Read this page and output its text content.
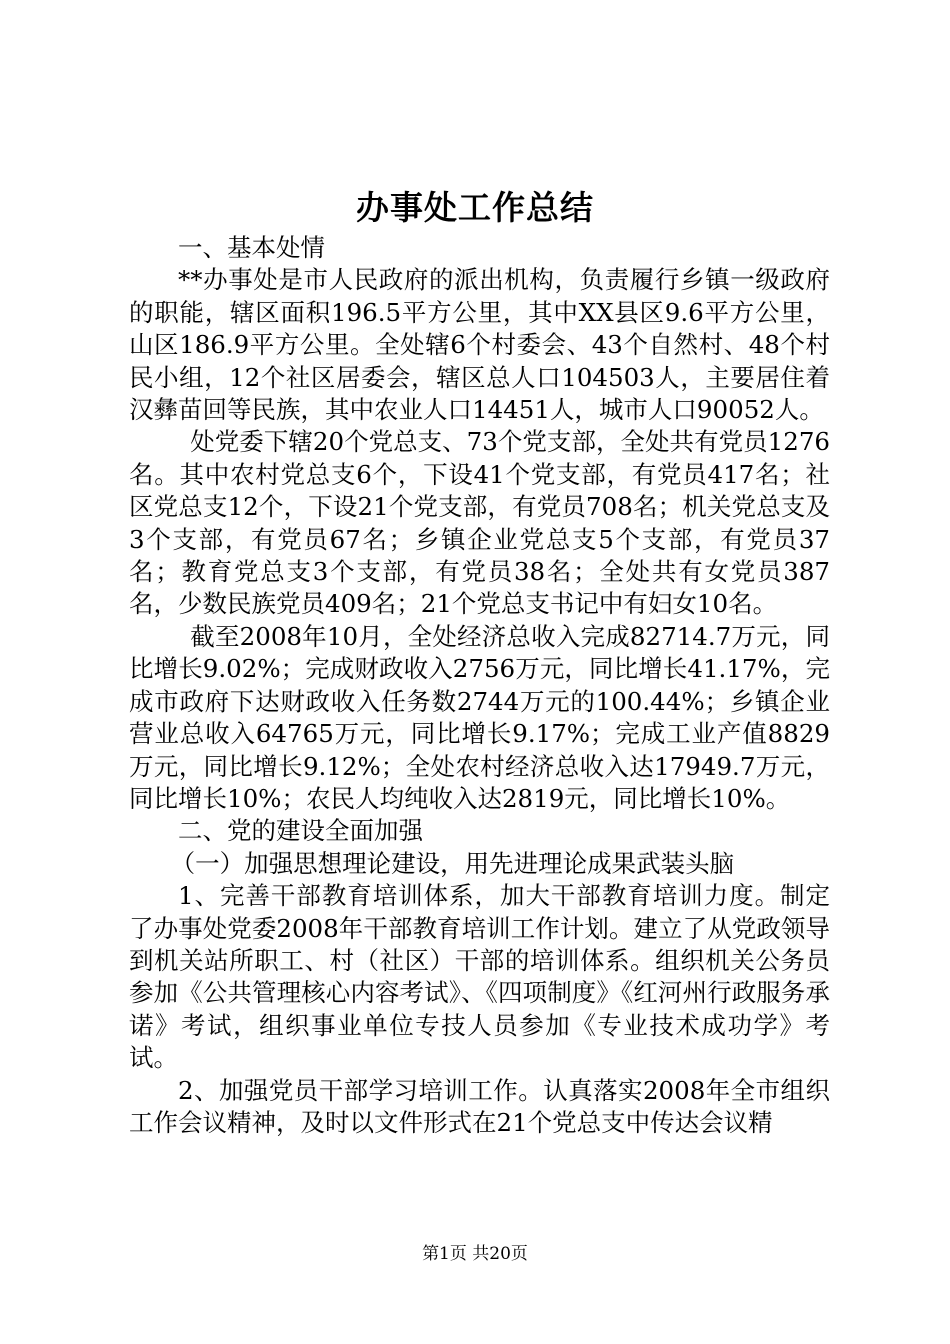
办事处工作总结

一、基本处情

**办事处是市人民政府的派出机构，负责履行乡镇一级政府的职能，辖区面积196.5平方公里，其中XX县区9.6平方公里，山区186.9平方公里。全处辖6个村委会、43个自然村、48个村民小组，12个社区居委会，辖区总人口104503人，主要居住着汉彝苗回等民族，其中农业人口14451人，城市人口90052人。

处党委下辖20个党总支、73个党支部，全处共有党员1276名。其中农村党总支6个，下设41个党支部，有党员417名；社区党总支12个，下设21个党支部，有党员708名；机关党总支及3个支部，有党员67名；乡镇企业党总支5个支部，有党员37名；教育党总支3个支部，有党员38名；全处共有女党员387名，少数民族党员409名；21个党总支书记中有妇女10名。

截至2008年10月，全处经济总收入完成82714.7万元，同比增长9.02%；完成财政收入2756万元，同比增长41.17%，完成市政府下达财政收入任务数2744万元的100.44%；乡镇企业营业总收入64765万元，同比增长9.17%；完成工业产值8829万元，同比增长9.12%；全处农村经济总收入达17949.7万元，同比增长10%；农民人均纯收入达2819元，同比增长10%。

二、党的建设全面加强

（一）加强思想理论建设，用先进理论成果武装头脑

1、完善干部教育培训体系，加大干部教育培训力度。制定了办事处党委2008年干部教育培训工作计划。建立了从党政领导到机关站所职工、村（社区）干部的培训体系。组织机关公务员参加《公共管理核心内容考试》、《四项制度》《红河州行政服务承诺》考试，组织事业单位专技人员参加《专业技术成功学》考试。

2、加强党员干部学习培训工作。认真落实2008年全市组织工作会议精神，及时以文件形式在21个党总支中传达会议精

第1页 共20页
